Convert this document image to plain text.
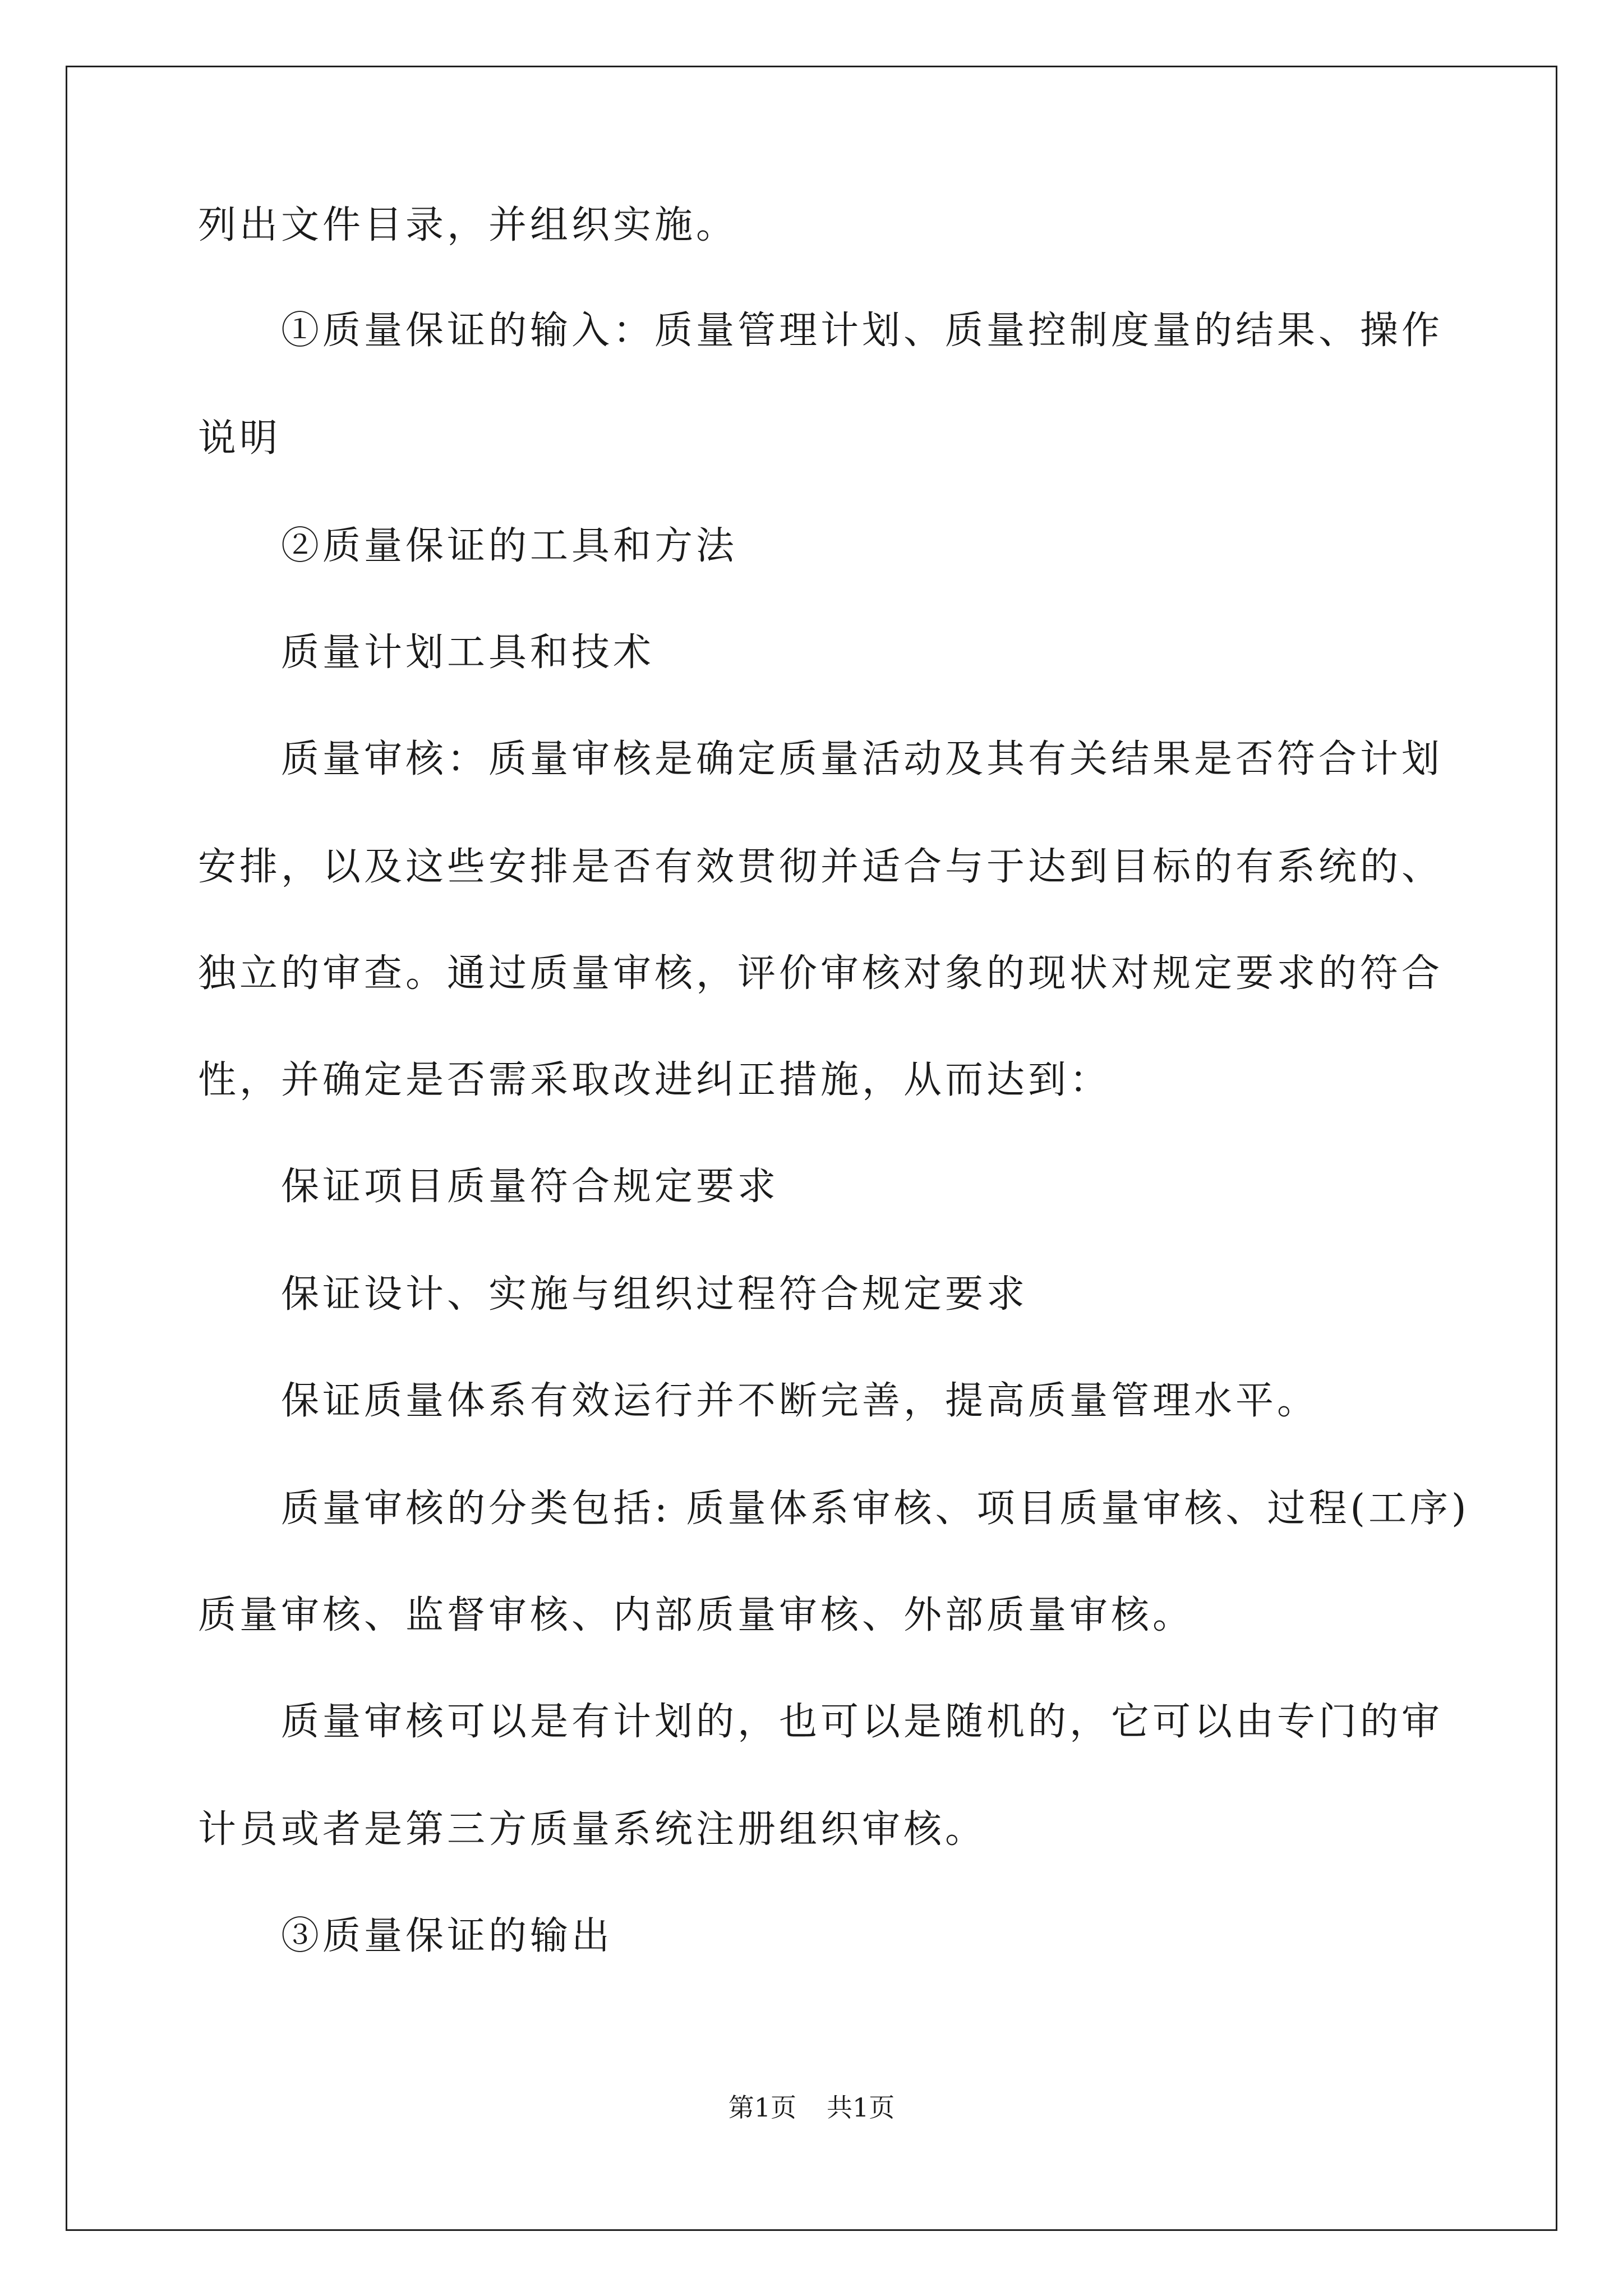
列出文件目录，并组织实施。
①质量保证的输入：质量管理计划、质量控制度量的结果、操作
说明
②质量保证的工具和方法
质量计划工具和技术
质量审核：质量审核是确定质量活动及其有关结果是否符合计划
安排，以及这些安排是否有效贯彻并适合与于达到目标的有系统的、
独立的审查。通过质量审核，评价审核对象的现状对规定要求的符合
性，并确定是否需采取改进纠正措施，从而达到：
保证项目质量符合规定要求
保证设计、实施与组织过程符合规定要求
保证质量体系有效运行并不断完善，提高质量管理水平。
质量审核的分类包括: 质量体系审核、项目质量审核、过程(工序)
质量审核、监督审核、内部质量审核、外部质量审核。
质量审核可以是有计划的，也可以是随机的，它可以由专门的审
计员或者是第三方质量系统注册组织审核。
③质量保证的输出
第1页 共1页
